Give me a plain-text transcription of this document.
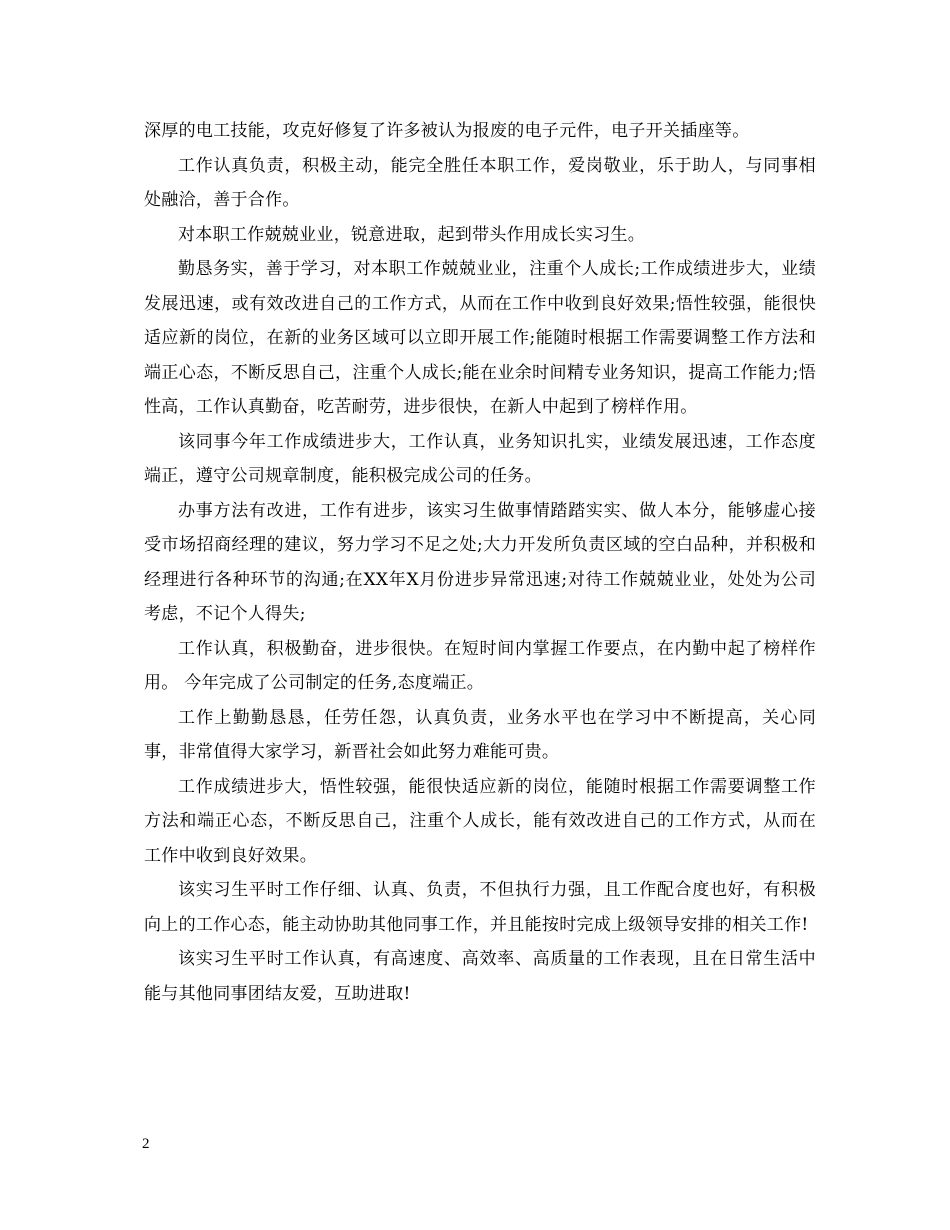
深厚的电工技能，攻克好修复了许多被认为报废的电子元件，电子开关插座等。

工作认真负责，积极主动，能完全胜任本职工作，爱岗敬业，乐于助人，与同事相处融洽，善于合作。

对本职工作兢兢业业，锐意进取，起到带头作用成长实习生。

勤恳务实，善于学习，对本职工作兢兢业业，注重个人成长;工作成绩进步大，业绩发展迅速，或有效改进自己的工作方式，从而在工作中收到良好效果;悟性较强，能很快适应新的岗位，在新的业务区域可以立即开展工作;能随时根据工作需要调整工作方法和端正心态，不断反思自己，注重个人成长;能在业余时间精专业务知识，提高工作能力;悟性高，工作认真勤奋，吃苦耐劳，进步很快，在新人中起到了榜样作用。

该同事今年工作成绩进步大，工作认真，业务知识扎实，业绩发展迅速，工作态度端正，遵守公司规章制度，能积极完成公司的任务。

办事方法有改进，工作有进步，该实习生做事情踏踏实实、做人本分，能够虚心接受市场招商经理的建议，努力学习不足之处;大力开发所负责区域的空白品种，并积极和经理进行各种环节的沟通;在XX年X月份进步异常迅速;对待工作兢兢业业，处处为公司考虑，不记个人得失;

工作认真，积极勤奋，进步很快。在短时间内掌握工作要点，在内勤中起了榜样作用。 今年完成了公司制定的任务,态度端正。

工作上勤勤恳恳，任劳任怨，认真负责，业务水平也在学习中不断提高，关心同事，非常值得大家学习，新晋社会如此努力难能可贵。

工作成绩进步大，悟性较强，能很快适应新的岗位，能随时根据工作需要调整工作方法和端正心态，不断反思自己，注重个人成长，能有效改进自己的工作方式，从而在工作中收到良好效果。

该实习生平时工作仔细、认真、负责，不但执行力强，且工作配合度也好，有积极向上的工作心态，能主动协助其他同事工作，并且能按时完成上级领导安排的相关工作!

该实习生平时工作认真，有高速度、高效率、高质量的工作表现，且在日常生活中能与其他同事团结友爱，互助进取!

2
